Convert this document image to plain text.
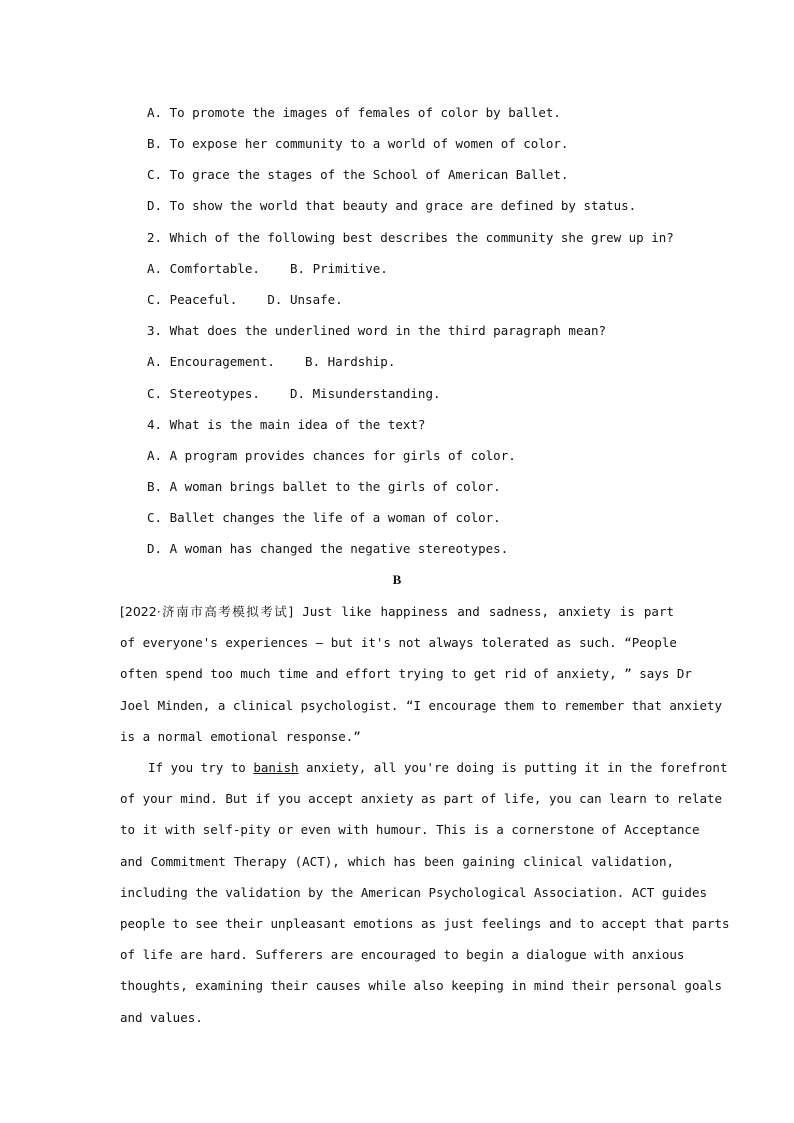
A. To promote the images of females of color by ballet.
B. To expose her community to a world of women of color.
C. To grace the stages of the School of American Ballet.
D. To show the world that beauty and grace are defined by status.
2. Which of the following best describes the community she grew up in?
A. Comfortable.    B. Primitive.
C. Peaceful.    D. Unsafe.
3. What does the underlined word in the third paragraph mean?
A. Encouragement.    B. Hardship.
C. Stereotypes.    D. Misunderstanding.
4. What is the main idea of the text?
A. A program provides chances for girls of color.
B. A woman brings ballet to the girls of color.
C. Ballet changes the life of a woman of color.
D. A woman has changed the negative stereotypes.
B
[2022·济南市高考模拟考试] Just like happiness and sadness, anxiety is part
of everyone's experiences — but it's not always tolerated as such. “People
often spend too much time and effort trying to get rid of anxiety, ” says Dr
Joel Minden, a clinical psychologist. “I encourage them to remember that anxiety
is a normal emotional response.”
If you try to banish anxiety, all you're doing is putting it in the forefront
of your mind. But if you accept anxiety as part of life, you can learn to relate
to it with self-pity or even with humour. This is a cornerstone of Acceptance
and Commitment Therapy (ACT), which has been gaining clinical validation,
including the validation by the American Psychological Association. ACT guides
people to see their unpleasant emotions as just feelings and to accept that parts
of life are hard. Sufferers are encouraged to begin a dialogue with anxious
thoughts, examining their causes while also keeping in mind their personal goals
and values.
